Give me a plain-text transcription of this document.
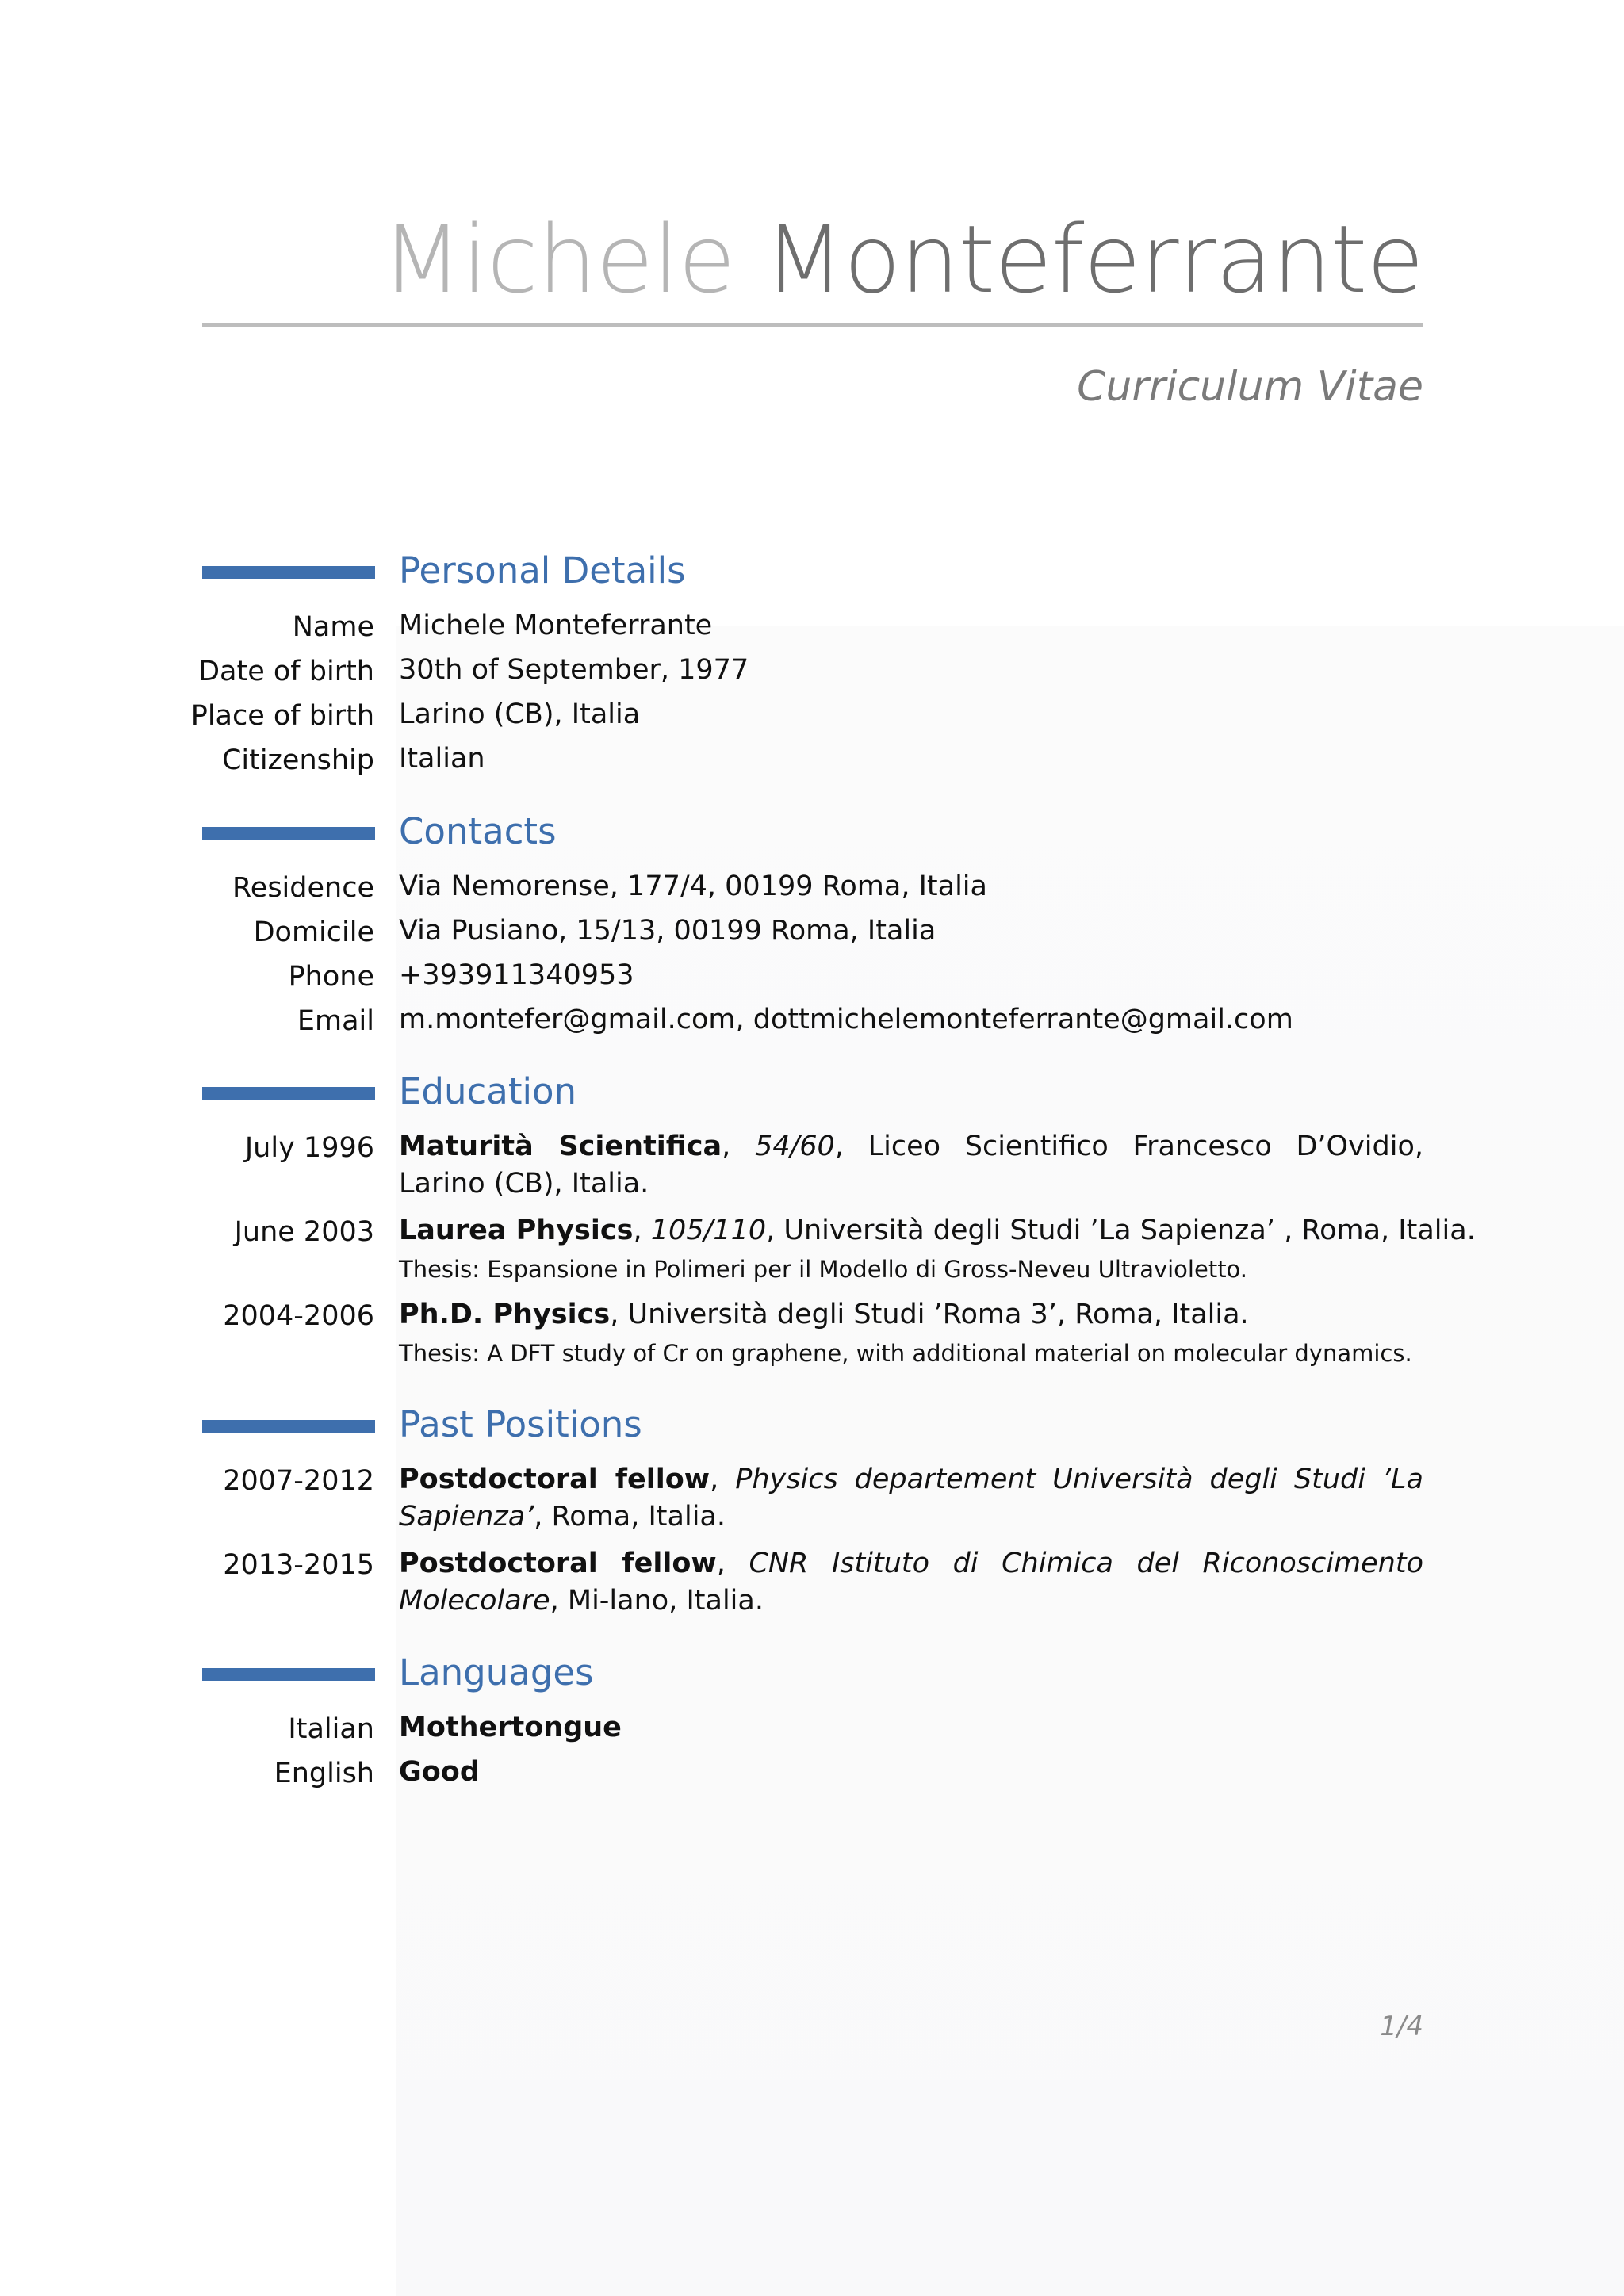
Michele Monteferrante
Curriculum Vitae
Personal Details
Name Michele Monteferrante
Date of birth 30th of September, 1977
Place of birth Larino (CB), Italia
Citizenship Italian
Contacts
Residence Via Nemorense, 177/4, 00199 Roma, Italia
Domicile Via Pusiano, 15/13, 00199 Roma, Italia
Phone +393911340953
Email m.montefer@gmail.com, dottmichelemonteferrante@gmail.com
Education
July 1996 Maturità Scientifica, 54/60, Liceo Scientifico Francesco D’Ovidio, Larino (CB), Italia.
June 2003 Laurea Physics, 105/110, Università degli Studi ’La Sapienza’ , Roma, Italia.
Thesis: Espansione in Polimeri per il Modello di Gross-Neveu Ultravioletto.
2004-2006 Ph.D. Physics, Università degli Studi ’Roma 3’, Roma, Italia.
Thesis: A DFT study of Cr on graphene, with additional material on molecular dynamics.
Past Positions
2007-2012 Postdoctoral fellow, Physics departement Università degli Studi ’La Sapienza’, Roma, Italia.
2013-2015 Postdoctoral fellow, CNR Istituto di Chimica del Riconoscimento Molecolare, Mi-lano, Italia.
Languages
Italian Mothertongue
English Good
1/4
